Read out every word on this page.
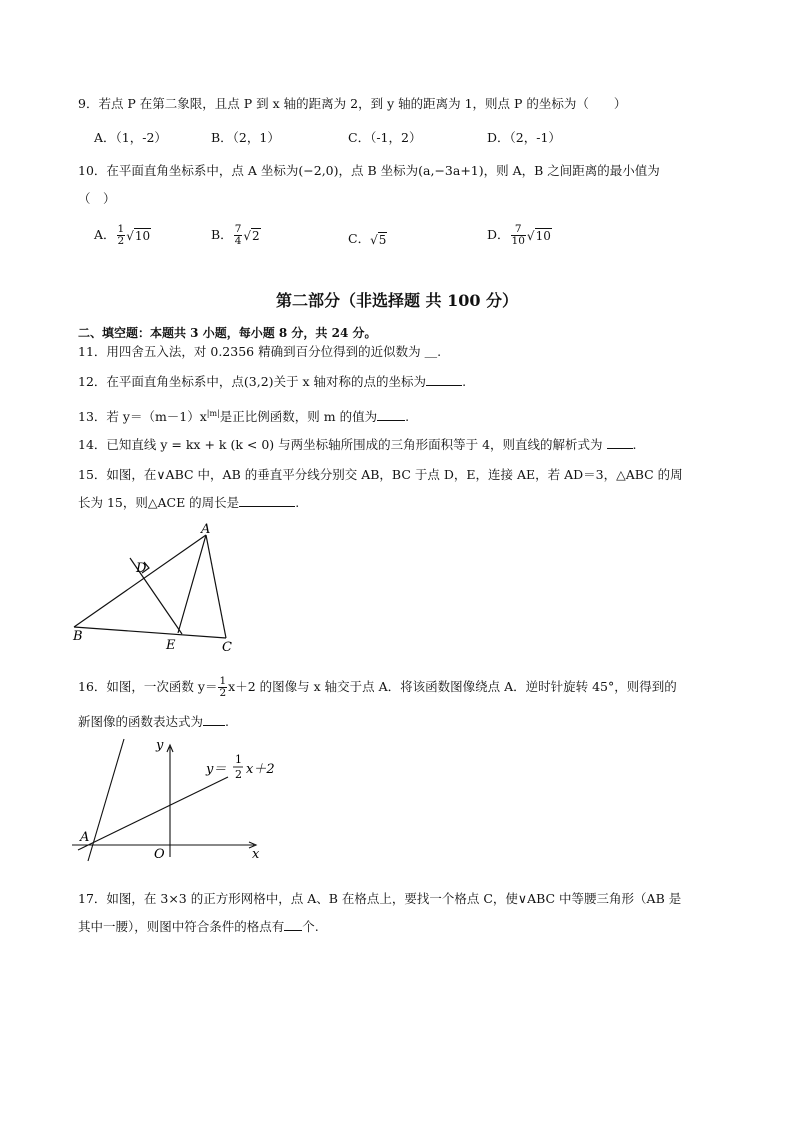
9．若点 P 在第二象限，且点 P 到 x 轴的距离为 2，到 y 轴的距离为 1，则点 P 的坐标为（　　）
A．（1，-2）	B．（2，1）	C．（-1，2）	D．（2，-1）
10．在平面直角坐标系中，点 A 坐标为(−2,0)，点 B 坐标为(a,−3a+1)，则 A，B 之间距离的最小值为
（　）
A． $\frac{1}{2} √10$	B． $\frac{7}{4} √2$	C．√5	D． $\frac{7}{10} √10$
第二部分（非选择题 共 100 分）
二、填空题：本题共 3 小题，每小题 8 分，共 24 分。
11．用四舍五入法，对 0.2356 精确到百分位得到的近似数为 ＿.
12．在平面直角坐标系中，点(3,2)关于 x 轴对称的点的坐标为	.
13．若 $y=(m-1)x^{|m|}$是正比例函数，则 m 的值为 .
14．已知直线 y = kx + k (k < 0) 与两坐标轴所围成的三角形面积等于 4，则直线的解析式为 .
15．如图，在∨ABC 中，AB 的垂直平分线分别交 AB，BC 于点 D，E，连接 AE，若 AD＝3，△ABC 的周
长为 15，则△ACE 的周长是	.
A
B
C
D
E
16．如图，一次函数 $y= \frac{1}{2} x+2$ 的图像与 x 轴交于点 A．将该函数图像绕点 A．逆时针旋转 45°，则得到的
新图像的函数表达式为 .
y
x
O
A
y＝
1
2 x＋2
17．如图，在 3×3 的正方形网格中，点 A、B 在格点上，要找一个格点 C，使∨ABC 中等腰三角形（AB 是
其中一腰），则图中符合条件的格点有 个.
